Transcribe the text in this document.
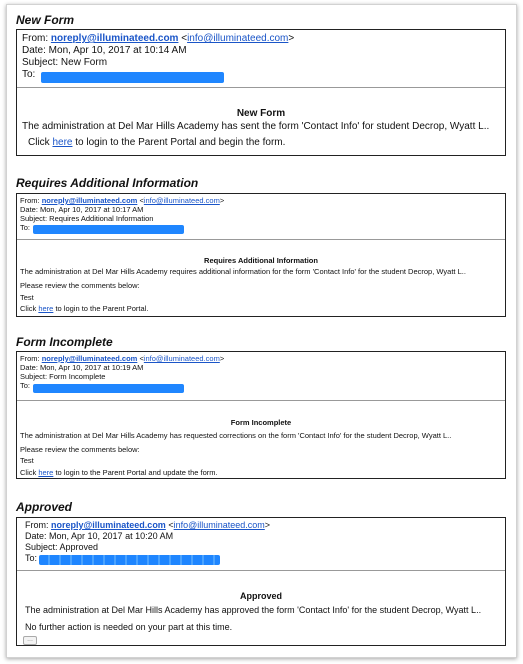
New Form
From: noreply@illuminateed.com <info@illuminateed.com>
Date: Mon, Apr 10, 2017 at 10:14 AM
Subject: New Form
To:
New Form
The administration at Del Mar Hills Academy has sent the form 'Contact Info' for student Decrop, Wyatt L..
Click here to login to the Parent Portal and begin the form.
Requires Additional Information
From: noreply@illuminateed.com <info@illuminateed.com>
Date: Mon, Apr 10, 2017 at 10:17 AM
Subject: Requires Additional Information
To:
Requires Additional Information
The administration at Del Mar Hills Academy requires additional information for the form 'Contact Info' for the student Decrop, Wyatt L..
Please review the comments below:
Test
Click here to login to the Parent Portal.
Form Incomplete
From: noreply@illuminateed.com <info@illuminateed.com>
Date: Mon, Apr 10, 2017 at 10:19 AM
Subject: Form Incomplete
To:
Form Incomplete
The administration at Del Mar Hills Academy has requested corrections on the form 'Contact Info' for the student Decrop, Wyatt L..
Please review the comments below:
Test
Click here to login to the Parent Portal and update the form.
Approved
From: noreply@illuminateed.com <info@illuminateed.com>
Date: Mon, Apr 10, 2017 at 10:20 AM
Subject: Approved
To:
Approved
The administration at Del Mar Hills Academy has approved the form 'Contact Info' for the student Decrop, Wyatt L..
No further action is needed on your part at this time.
...
